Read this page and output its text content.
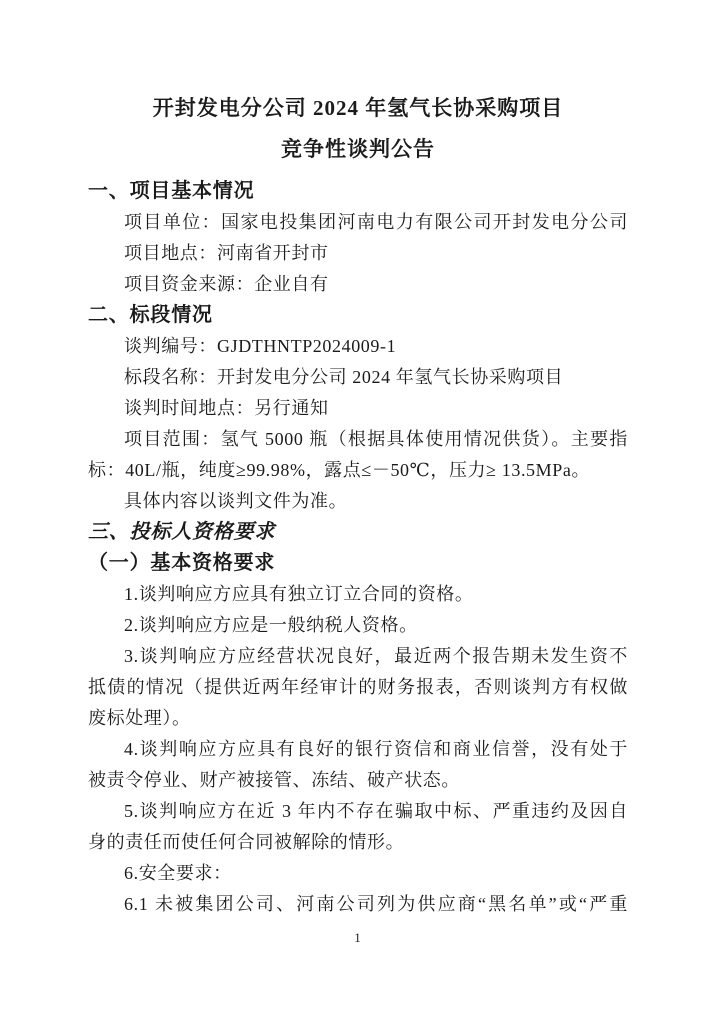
开封发电分公司 2024 年氢气长协采购项目
竞争性谈判公告
一、项目基本情况
项目单位：国家电投集团河南电力有限公司开封发电分公司
项目地点：河南省开封市
项目资金来源：企业自有
二、标段情况
谈判编号：GJDTHNTP2024009-1
标段名称：开封发电分公司 2024 年氢气长协采购项目
谈判时间地点：另行通知
项目范围：氢气 5000 瓶（根据具体使用情况供货）。主要指
标：40L/瓶，纯度≥99.98%，露点≤－50℃，压力≥ 13.5MPa。
具体内容以谈判文件为准。
三、投标人资格要求
（一）基本资格要求
1.谈判响应方应具有独立订立合同的资格。
2.谈判响应方应是一般纳税人资格。
3.谈判响应方应经营状况良好，最近两个报告期未发生资不
抵债的情况（提供近两年经审计的财务报表，否则谈判方有权做
废标处理）。
4.谈判响应方应具有良好的银行资信和商业信誉，没有处于
被责令停业、财产被接管、冻结、破产状态。
5.谈判响应方在近 3 年内不存在骗取中标、严重违约及因自
身的责任而使任何合同被解除的情形。
6.安全要求：
6.1 未被集团公司、河南公司列为供应商“黑名单”或“严重
1
